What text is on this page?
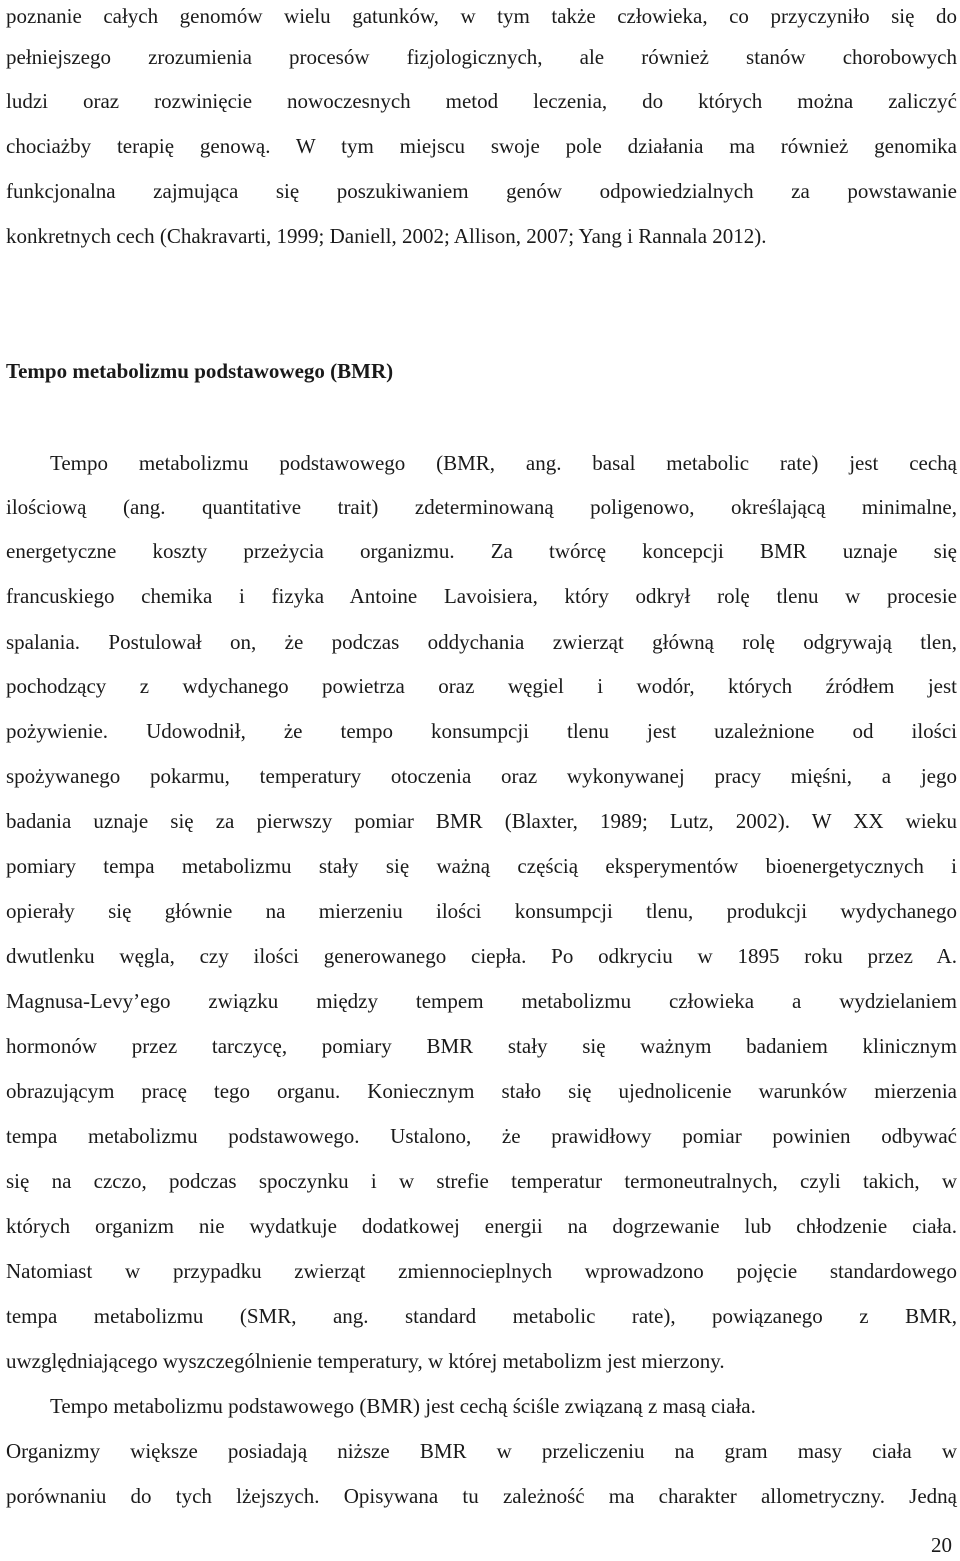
poznanie całych genomów wielu gatunków, w tym także człowieka, co przyczyniło się do
pełniejszego zrozumienia procesów fizjologicznych, ale również stanów chorobowych
ludzi oraz rozwinięcie nowoczesnych metod leczenia, do których można zaliczyć
chociażby terapię genową. W tym miejscu swoje pole działania ma również genomika
funkcjonalna zajmująca się poszukiwaniem genów odpowiedzialnych za powstawanie
konkretnych cech (Chakravarti, 1999; Daniell, 2002; Allison, 2007; Yang i Rannala 2012).
Tempo metabolizmu podstawowego (BMR)
Tempo metabolizmu podstawowego (BMR, ang. basal metabolic rate) jest cechą
ilościową (ang. quantitative trait) zdeterminowaną poligenowo, określającą minimalne,
energetyczne koszty przeżycia organizmu. Za twórcę koncepcji BMR uznaje się
francuskiego chemika i fizyka Antoine Lavoisiera, który odkrył rolę tlenu w procesie
spalania. Postulował on, że podczas oddychania zwierząt główną rolę odgrywają tlen,
pochodzący z wdychanego powietrza oraz węgiel i wodór, których źródłem jest
pożywienie. Udowodnił, że tempo konsumpcji tlenu jest uzależnione od ilości
spożywanego pokarmu, temperatury otoczenia oraz wykonywanej pracy mięśni, a jego
badania uznaje się za pierwszy pomiar BMR (Blaxter, 1989; Lutz, 2002). W XX wieku
pomiary tempa metabolizmu stały się ważną częścią eksperymentów bioenergetycznych i
opierały się głównie na mierzeniu ilości konsumpcji tlenu, produkcji wydychanego
dwutlenku węgla, czy ilości generowanego ciepła. Po odkryciu w 1895 roku przez A.
Magnusa-Levy’ego związku między tempem metabolizmu człowieka a wydzielaniem
hormonów przez tarczycę, pomiary BMR stały się ważnym badaniem klinicznym
obrazującym pracę tego organu. Koniecznym stało się ujednolicenie warunków mierzenia
tempa metabolizmu podstawowego. Ustalono, że prawidłowy pomiar powinien odbywać
się na czczo, podczas spoczynku i w strefie temperatur termoneutralnych, czyli takich, w
których organizm nie wydatkuje dodatkowej energii na dogrzewanie lub chłodzenie ciała.
Natomiast w przypadku zwierząt zmiennocieplnych wprowadzono pojęcie standardowego
tempa metabolizmu (SMR, ang. standard metabolic rate), powiązanego z BMR,
uwzględniającego wyszczególnienie temperatury, w której metabolizm jest mierzony.
Tempo metabolizmu podstawowego (BMR) jest cechą ściśle związaną z masą ciała.
Organizmy większe posiadają niższe BMR w przeliczeniu na gram masy ciała w
porównaniu do tych lżejszych. Opisywana tu zależność ma charakter allometryczny. Jedną
20
